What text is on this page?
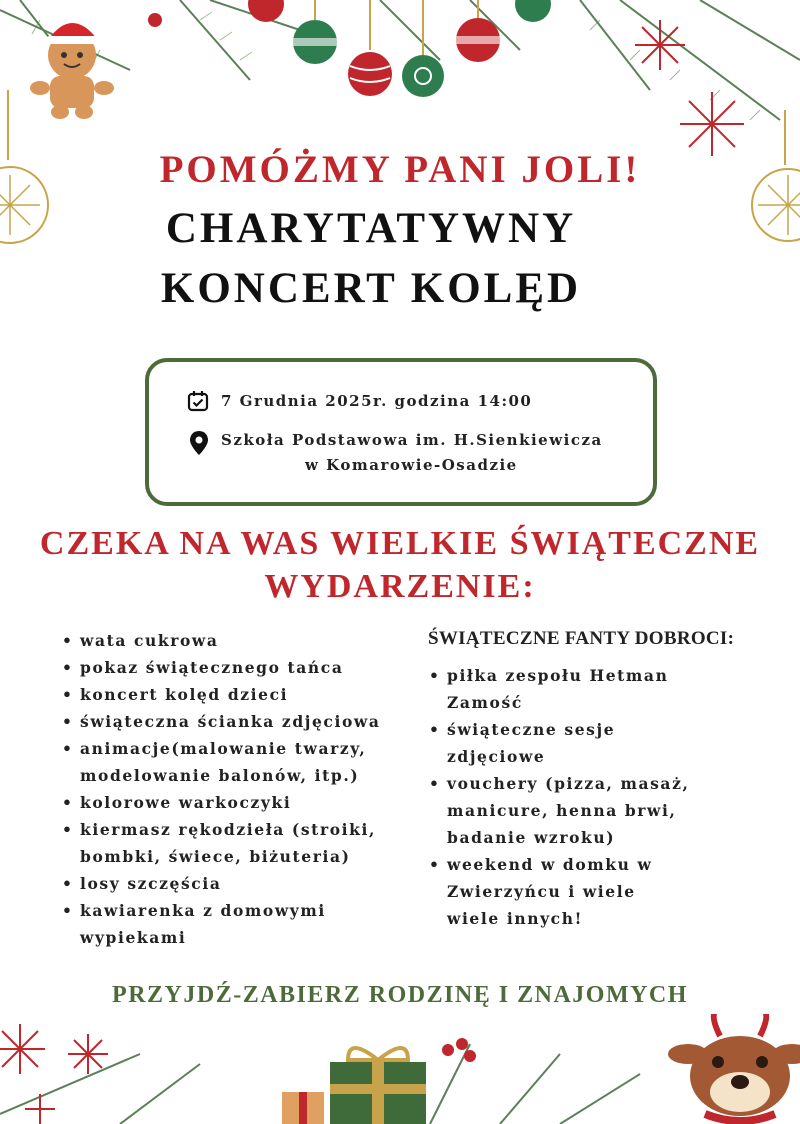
POMÓŻMY PANI JOLI!
CHARYTATYWNY
KONCERT KOLĘD
7 Grudnia 2025r. godzina 14:00
Szkoła Podstawowa im. H.Sienkiewicza
w Komarowie-Osadzie
CZEKA NA WAS WIELKIE ŚWIĄTECZNE
WYDARZENIE:
• wata cukrowa
• pokaz świątecznego tańca
• koncert kolęd dzieci
• świąteczna ścianka zdjęciowa
• animacje(malowanie twarzy,
modelowanie balonów, itp.)
• kolorowe warkoczyki
• kiermasz rękodzieła (stroiki,
bombki, świece, biżuteria)
• losy szczęścia
• kawiarenka z domowymi
wypiekami
ŚWIĄTECZNE FANTY DOBROCI:
• piłka zespołu Hetman
Zamość
• świąteczne sesje
zdjęciowe
• vouchery (pizza, masaż,
manicure, henna brwi,
badanie wzroku)
• weekend w domku w
Zwierzyńcu i wiele
wiele innych!
PRZYJDŹ-ZABIERZ RODZINĘ I ZNAJOMYCH
